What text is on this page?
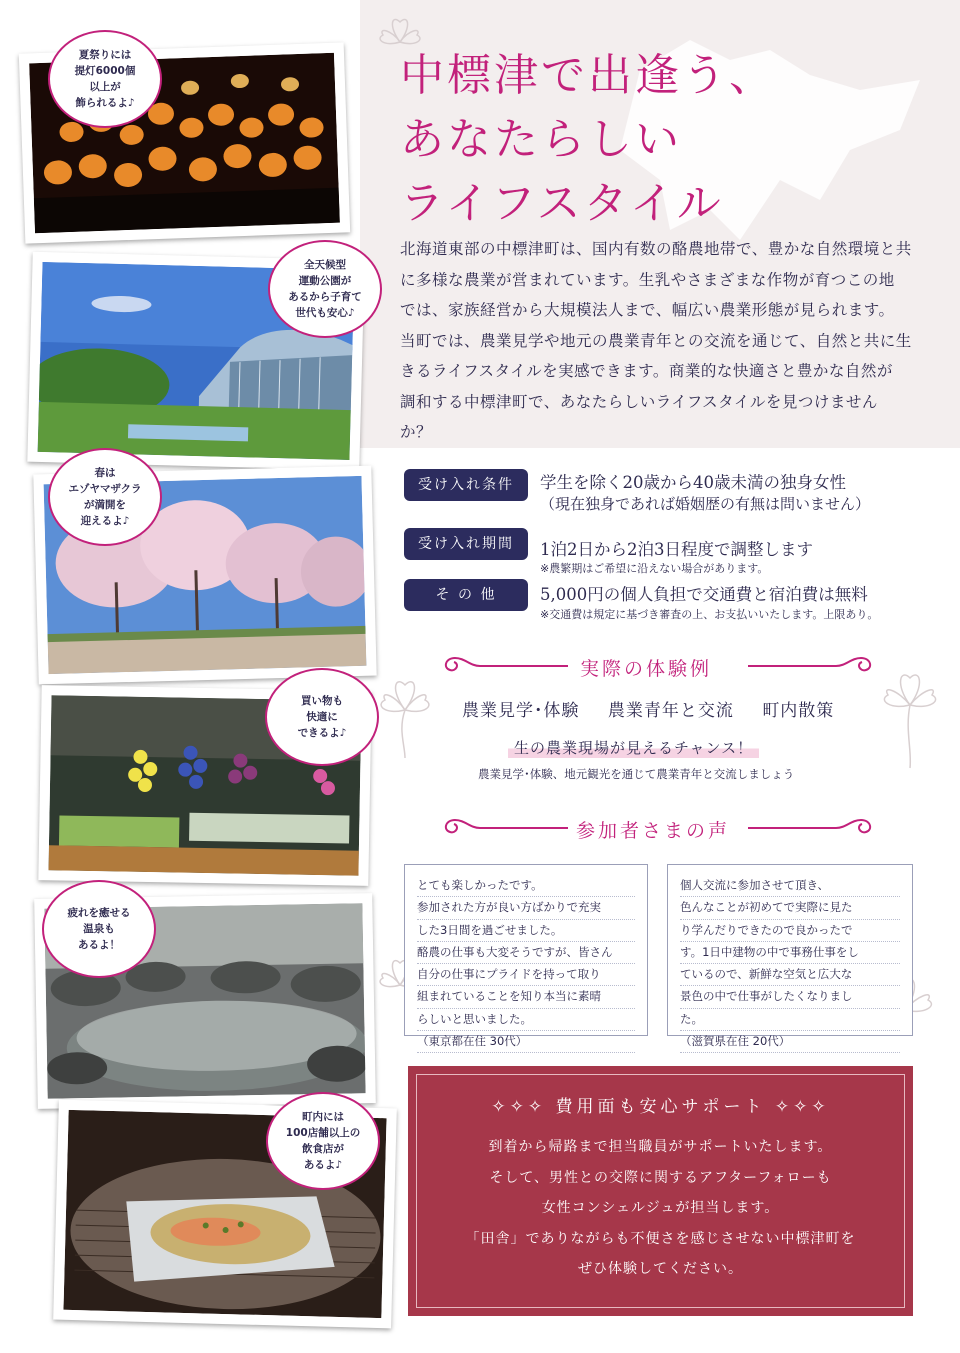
中標津で出逢う、
あなたらしい
ライフスタイル
北海道東部の中標津町は、国内有数の酪農地帯で、豊かな自然環境と共
に多様な農業が営まれています。生乳やさまざまな作物が育つこの地
では、家族経営から大規模法人まで、幅広い農業形態が見られます。
当町では、農業見学や地元の農業青年との交流を通じて、自然と共に生
きるライフスタイルを実感できます。商業的な快適さと豊かな自然が
調和する中標津町で、あなたらしいライフスタイルを見つけません
か？
受け入れ条件	学生を除く20歳から40歳未満の独身女性
（現在独身であれば婚姻歴の有無は問いません）
受け入れ期間	1泊2日から2泊3日程度で調整します
※農繁期はご希望に沿えない場合があります。
そ の 他	5,000円の個人負担で交通費と宿泊費は無料
※交通費は規定に基づき審査の上、お支払いいたします。上限あり。
実際の体験例
農業見学･体験 農業青年と交流 町内散策
生の農業現場が見えるチャンス！
農業見学･体験、地元観光を通じて農業青年と交流しましょう
参加者さまの声
とても楽しかったです。
参加された方が良い方ばかりで充実
した3日間を過ごせました。
酪農の仕事も大変そうですが、皆さん
自分の仕事にプライドを持って取り
組まれていることを知り本当に素晴
らしいと思いました。
（東京都在住 30代）
個人交流に参加させて頂き、
色んなことが初めてで実際に見た
り学んだりできたので良かったで
す。1日中建物の中で事務仕事をし
ているので、新鮮な空気と広大な
景色の中で仕事がしたくなりまし
た。
（滋賀県在住 20代）
✧✧✧ 費用面も安心サポート ✧✧✧
到着から帰路まで担当職員がサポートいたします。
そして、男性との交際に関するアフターフォローも
女性コンシェルジュが担当します。
「田舎」でありながらも不便さを感じさせない中標津町を
ぜひ体験してください。
夏祭りには
提灯6000個
以上が
飾られるよ♪
全天候型
運動公園が
あるから子育て
世代も安心♪
春は
エゾヤマザクラ
が満開を
迎えるよ♪
買い物も
快適に
できるよ♪
疲れを癒せる
温泉も
あるよ！
町内には
100店舗以上の
飲食店が
あるよ♪
